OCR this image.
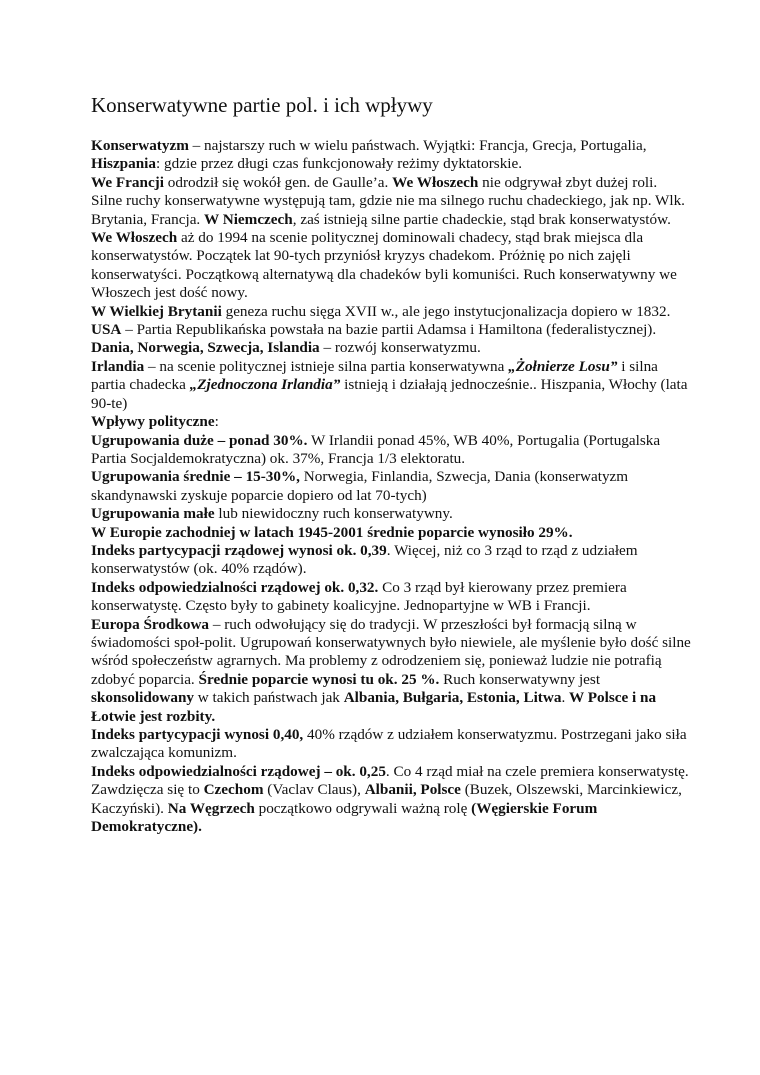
Konserwatywne partie pol. i ich wpływy

Konserwatyzm – najstarszy ruch w wielu państwach. Wyjątki: Francja, Grecja, Portugalia, Hiszpania: gdzie przez długi czas funkcjonowały reżimy dyktatorskie.

We Francji odrodził się wokół gen. de Gaulle’a. We Włoszech nie odgrywał zbyt dużej roli. Silne ruchy konserwatywne występują tam, gdzie nie ma silnego ruchu chadeckiego, jak np. Wlk. Brytania, Francja. W Niemczech, zaś istnieją silne partie chadeckie, stąd brak konserwatystów.

We Włoszech aż do 1994 na scenie politycznej dominowali chadecy, stąd brak miejsca dla konserwatystów. Początek lat 90-tych przyniósł kryzys chadekom. Próżnię po nich zajęli konserwatyści. Początkową alternatywą dla chadeków byli komuniści. Ruch konserwatywny we Włoszech jest dość nowy.

W Wielkiej Brytanii geneza ruchu sięga XVII w., ale jego instytucjonalizacja dopiero w 1832.

USA – Partia Republikańska powstała na bazie partii Adamsa i Hamiltona (federalistycznej).

Dania, Norwegia, Szwecja, Islandia – rozwój konserwatyzmu.

Irlandia – na scenie politycznej istnieje silna partia konserwatywna „Żołnierze Losu” i silna partia chadecka „Zjednoczona Irlandia” istnieją i działają jednocześnie.. Hiszpania, Włochy (lata 90-te)

Wpływy polityczne:

Ugrupowania duże – ponad 30%. W Irlandii ponad 45%, WB 40%, Portugalia (Portugalska Partia Socjaldemokratyczna) ok. 37%, Francja 1/3 elektoratu.

Ugrupowania średnie – 15-30%, Norwegia, Finlandia, Szwecja, Dania (konserwatyzm skandynawski zyskuje poparcie dopiero od lat 70-tych)

Ugrupowania małe lub niewidoczny ruch konserwatywny.

W Europie zachodniej w latach 1945-2001 średnie poparcie wynosiło 29%.

Indeks partycypacji rządowej wynosi ok. 0,39. Więcej, niż co 3 rząd to rząd z udziałem konserwatystów (ok. 40% rządów).

Indeks odpowiedzialności rządowej ok. 0,32. Co 3 rząd był kierowany przez premiera konserwatystę. Często były to gabinety koalicyjne. Jednopartyjne w WB i Francji.

Europa Środkowa – ruch odwołujący się do tradycji. W przeszłości był formacją silną w świadomości społ-polit. Ugrupowań konserwatywnych było niewiele, ale myślenie było dość silne wśród społeczeństw agrarnych. Ma problemy z odrodzeniem się, ponieważ ludzie nie potrafią zdobyć poparcia. Średnie poparcie wynosi tu ok. 25 %. Ruch konserwatywny jest skonsolidowany w takich państwach jak Albania, Bułgaria, Estonia, Litwa. W Polsce i na Łotwie jest rozbity.

Indeks partycypacji wynosi 0,40, 40% rządów z udziałem konserwatyzmu. Postrzegani jako siła zwalczająca komunizm.

Indeks odpowiedzialności rządowej – ok. 0,25. Co 4 rząd miał na czele premiera konserwatystę. Zawdzięcza się to Czechom (Vaclav Claus), Albanii, Polsce (Buzek, Olszewski, Marcinkiewicz, Kaczyński). Na Węgrzech początkowo odgrywali ważną rolę (Węgierskie Forum Demokratyczne).
